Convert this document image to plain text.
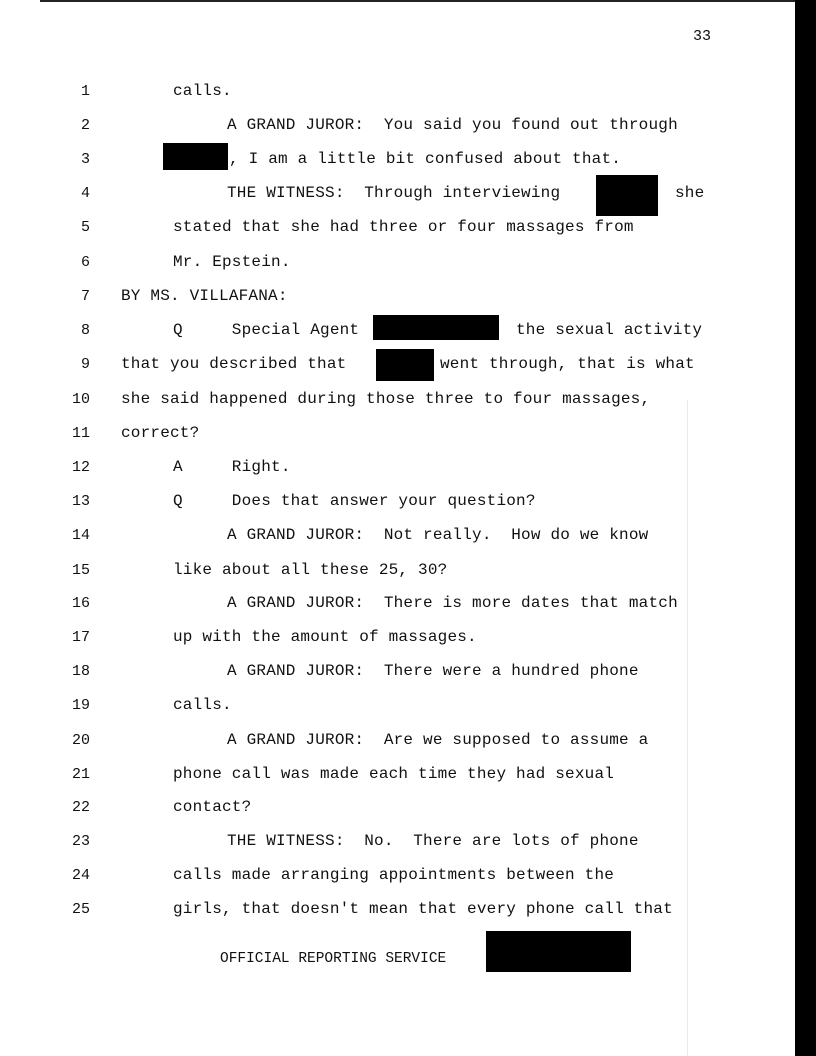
33
1	calls.
2	A GRAND JUROR:  You said you found out through
3	, I am a little bit confused about that.
4	THE WITNESS:  Through interviewing	she
5	stated that she had three or four massages from
6	Mr. Epstein.
7 BY MS. VILLAFANA:
8	Q     Special Agent	the sexual activity
9 that you described that	went through, that is what
10 she said happened during those three to four massages,
11 correct?
12	A     Right.
13	Q     Does that answer your question?
14	A GRAND JUROR:  Not really.  How do we know
15	like about all these 25, 30?
16	A GRAND JUROR:  There is more dates that match
17	up with the amount of massages.
18	A GRAND JUROR:  There were a hundred phone
19	calls.
20	A GRAND JUROR:  Are we supposed to assume a
21	phone call was made each time they had sexual
22	contact?
23	THE WITNESS:  No.  There are lots of phone
24	calls made arranging appointments between the
25	girls, that doesn't mean that every phone call that
OFFICIAL REPORTING SERVICE
